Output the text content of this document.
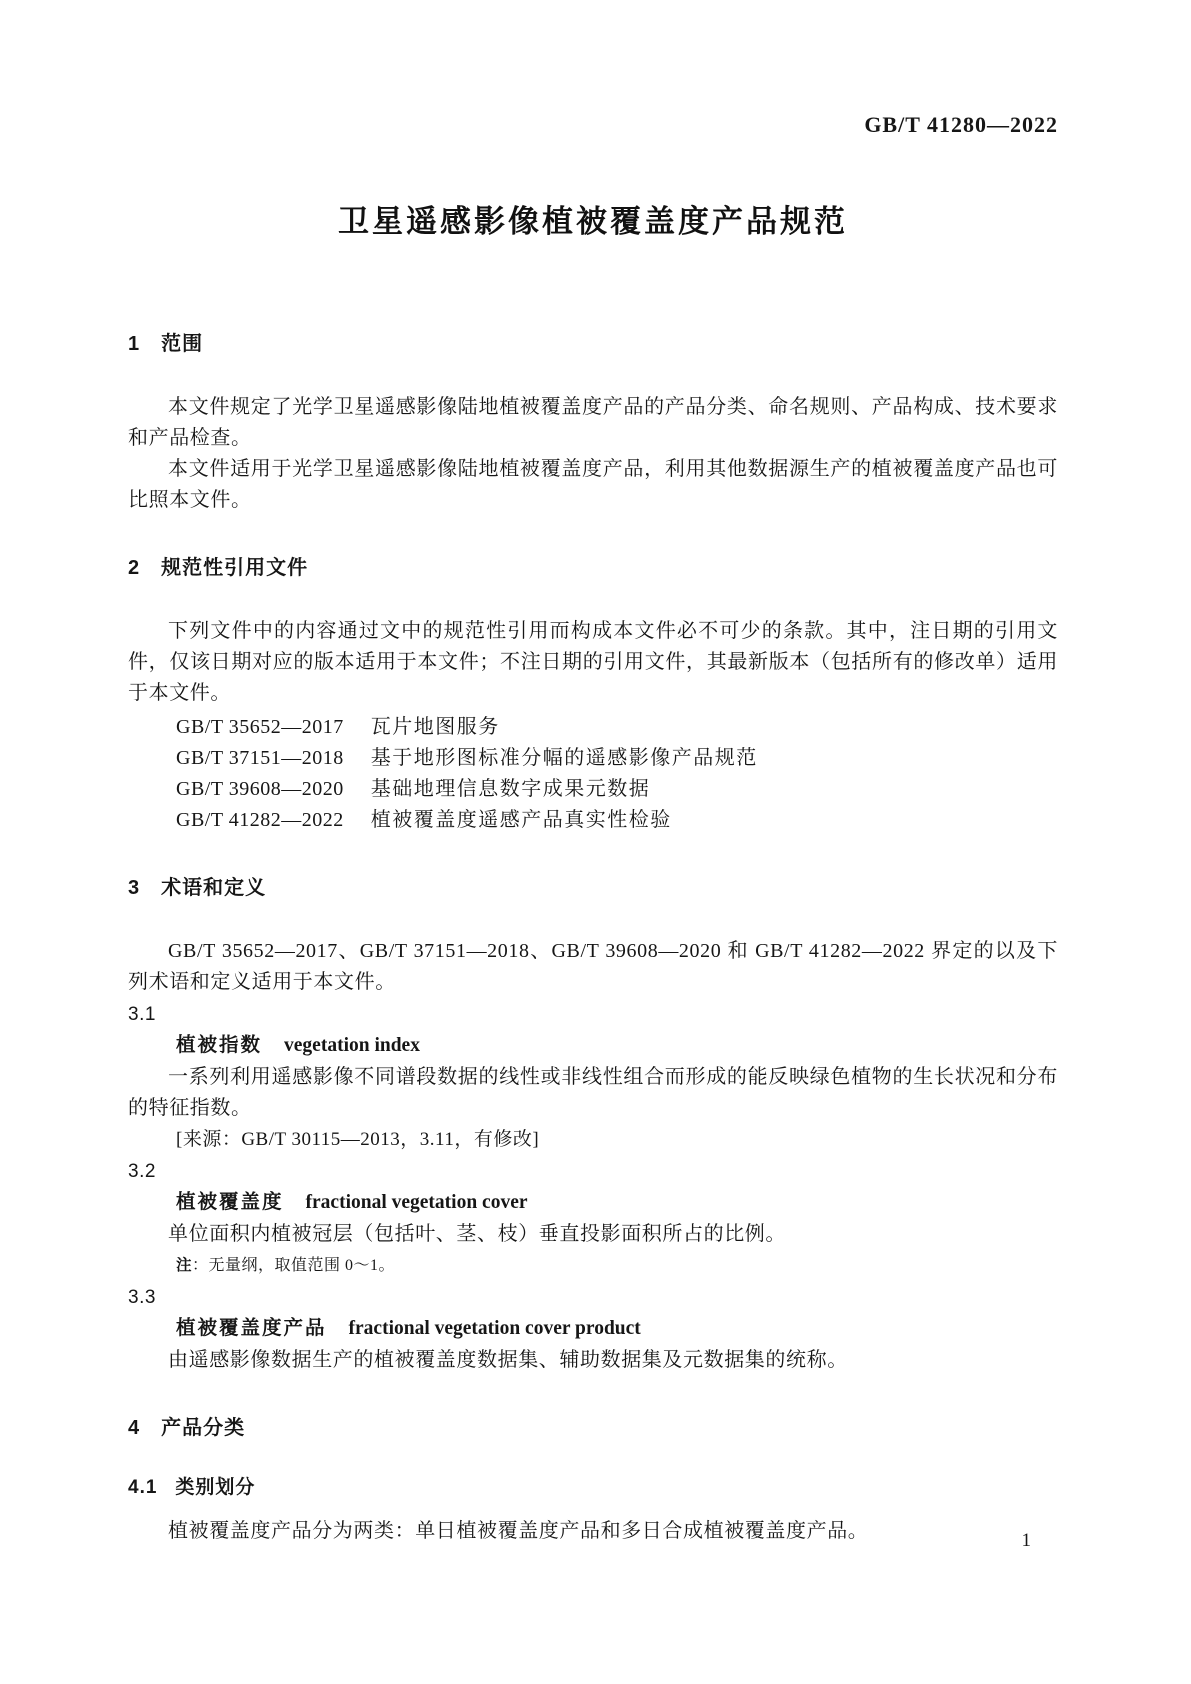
GB/T 41280—2022
卫星遥感影像植被覆盖度产品规范
1 范围

本文件规定了光学卫星遥感影像陆地植被覆盖度产品的产品分类、命名规则、产品构成、技术要求和产品检查。

本文件适用于光学卫星遥感影像陆地植被覆盖度产品，利用其他数据源生产的植被覆盖度产品也可比照本文件。

2 规范性引用文件

下列文件中的内容通过文中的规范性引用而构成本文件必不可少的条款。其中，注日期的引用文件，仅该日期对应的版本适用于本文件；不注日期的引用文件，其最新版本（包括所有的修改单）适用于本文件。

GB/T 35652—2017 瓦片地图服务

GB/T 37151—2018 基于地形图标准分幅的遥感影像产品规范

GB/T 39608—2020 基础地理信息数字成果元数据

GB/T 41282—2022 植被覆盖度遥感产品真实性检验

3 术语和定义

GB/T 35652—2017、GB/T 37151—2018、GB/T 39608—2020 和 GB/T 41282—2022 界定的以及下列术语和定义适用于本文件。

3.1

植被指数 vegetation index

一系列利用遥感影像不同谱段数据的线性或非线性组合而形成的能反映绿色植物的生长状况和分布的特征指数。

[来源：GB/T 30115—2013，3.11，有修改]

3.2

植被覆盖度 fractional vegetation cover

单位面积内植被冠层（包括叶、茎、枝）垂直投影面积所占的比例。

注：无量纲，取值范围 0～1。

3.3

植被覆盖度产品 fractional vegetation cover product

由遥感影像数据生产的植被覆盖度数据集、辅助数据集及元数据集的统称。

4 产品分类
4.1 类别划分

植被覆盖度产品分为两类：单日植被覆盖度产品和多日合成植被覆盖度产品。	1
